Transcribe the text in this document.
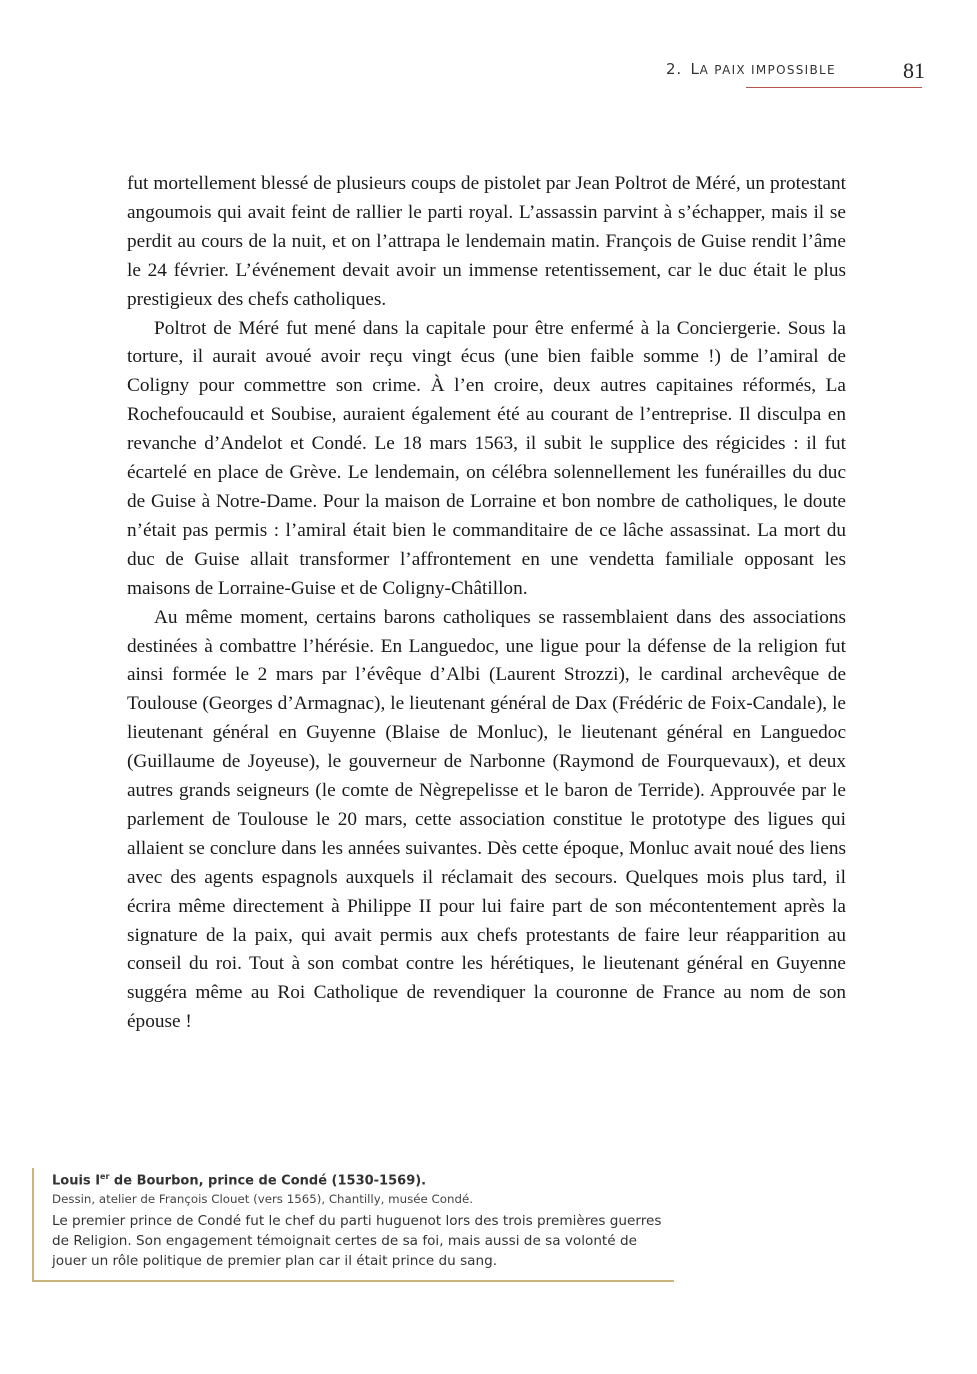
2. LA PAIX IMPOSSIBLE	81

fut mortellement blessé de plusieurs coups de pistolet par Jean Poltrot de Méré, un protestant angoumois qui avait feint de rallier le parti royal. L’assassin parvint à s’échapper, mais il se perdit au cours de la nuit, et on l’attrapa le lendemain matin. François de Guise rendit l’âme le 24 février. L’événement devait avoir un immense retentissement, car le duc était le plus prestigieux des chefs catholiques.

Poltrot de Méré fut mené dans la capitale pour être enfermé à la Conciergerie. Sous la torture, il aurait avoué avoir reçu vingt écus (une bien faible somme !) de l’amiral de Coligny pour commettre son crime. À l’en croire, deux autres capitaines réformés, La Rochefoucauld et Soubise, auraient également été au courant de l’entreprise. Il disculpa en revanche d’Andelot et Condé. Le 18 mars 1563, il subit le supplice des régicides : il fut écartelé en place de Grève. Le lendemain, on célébra solennellement les funérailles du duc de Guise à Notre-Dame. Pour la maison de Lorraine et bon nombre de catholiques, le doute n’était pas permis : l’amiral était bien le commanditaire de ce lâche assassinat. La mort du duc de Guise allait transformer l’affrontement en une vendetta familiale opposant les maisons de Lorraine-Guise et de Coligny-Châtillon.

Au même moment, certains barons catholiques se rassemblaient dans des associations destinées à combattre l’hérésie. En Languedoc, une ligue pour la défense de la religion fut ainsi formée le 2 mars par l’évêque d’Albi (Laurent Strozzi), le cardinal archevêque de Toulouse (Georges d’Armagnac), le lieutenant général de Dax (Frédéric de Foix-Candale), le lieutenant général en Guyenne (Blaise de Monluc), le lieutenant général en Languedoc (Guillaume de Joyeuse), le gouverneur de Narbonne (Raymond de Fourquevaux), et deux autres grands seigneurs (le comte de Nègrepelisse et le baron de Terride). Approuvée par le parlement de Toulouse le 20 mars, cette association constitue le prototype des ligues qui allaient se conclure dans les années suivantes. Dès cette époque, Monluc avait noué des liens avec des agents espagnols auxquels il réclamait des secours. Quelques mois plus tard, il écrira même directement à Philippe II pour lui faire part de son mécontentement après la signature de la paix, qui avait permis aux chefs protestants de faire leur réapparition au conseil du roi. Tout à son combat contre les hérétiques, le lieutenant général en Guyenne suggéra même au Roi Catholique de revendiquer la couronne de France au nom de son épouse !

Louis Ier de Bourbon, prince de Condé (1530-1569).
Dessin, atelier de François Clouet (vers 1565), Chantilly, musée Condé.
Le premier prince de Condé fut le chef du parti huguenot lors des trois premières guerres de Religion. Son engagement témoignait certes de sa foi, mais aussi de sa volonté de jouer un rôle politique de premier plan car il était prince du sang.
